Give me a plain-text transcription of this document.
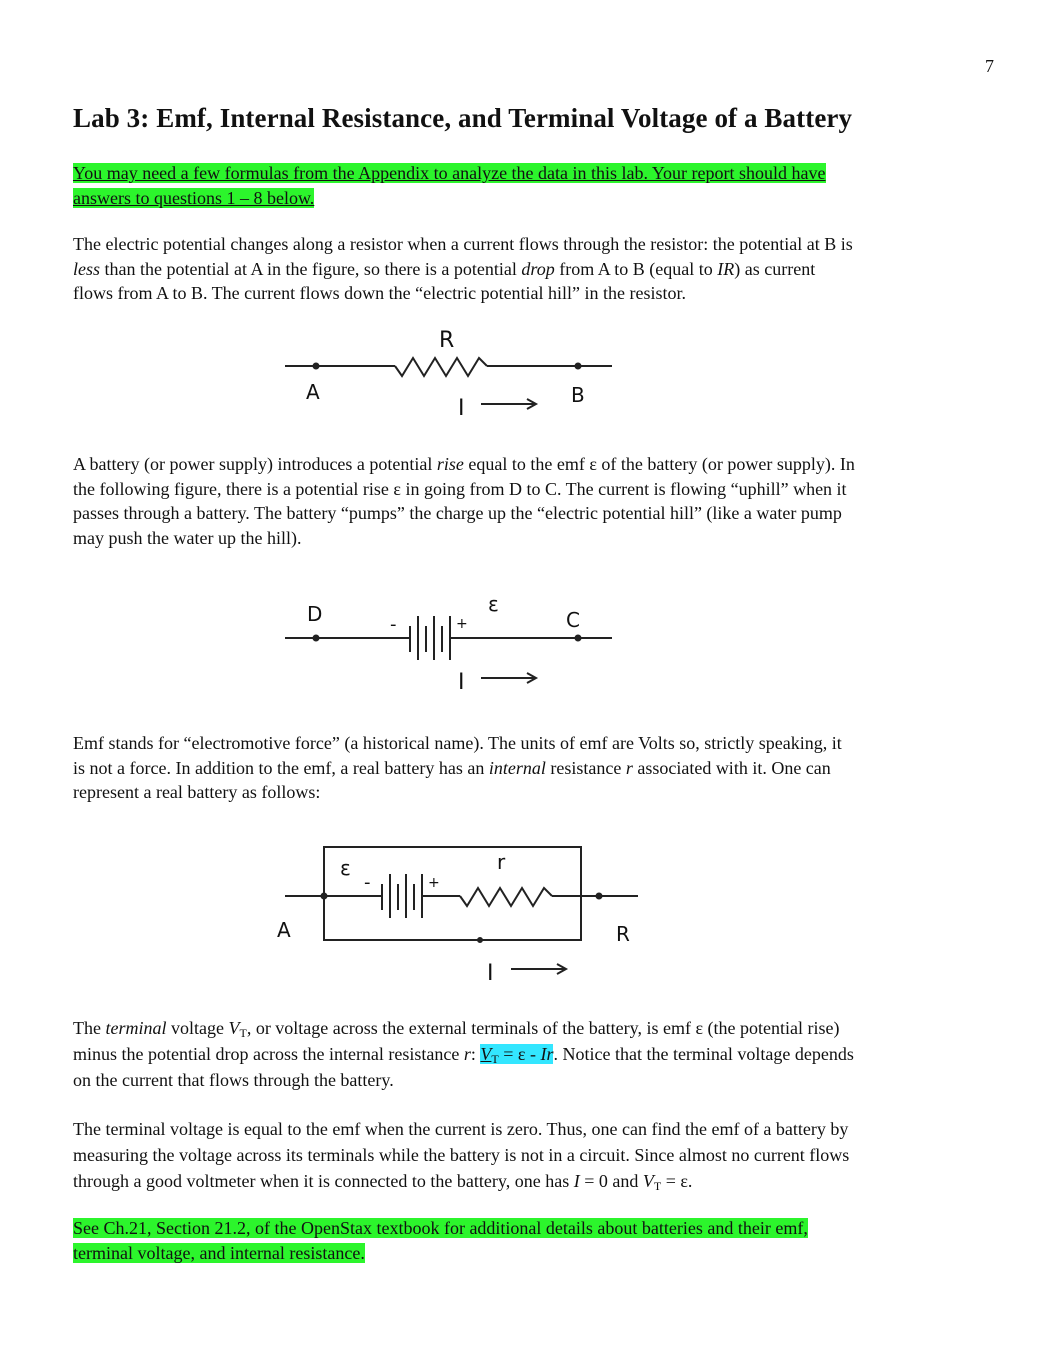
7
Lab 3: Emf, Internal Resistance, and Terminal Voltage of a Battery

You may need a few formulas from the Appendix to analyze the data in this lab. Your report should have
answers to questions 1 – 8 below.

The electric potential changes along a resistor when a current flows through the resistor: the potential at B is
less than the potential at A in the figure, so there is a potential drop from A to B (equal to IR) as current
flows from A to B. The current flows down the “electric potential hill” in the resistor.

R
A	B
I
D	C
ε
-	+
I
ε
-	+
r
A	R
I

A battery (or power supply) introduces a potential rise equal to the emf ε of the battery (or power supply). In
the following figure, there is a potential rise ε in going from D to C. The current is flowing “uphill” when it
passes through a battery. The battery “pumps” the charge up the “electric potential hill” (like a water pump
may push the water up the hill).

Emf stands for “electromotive force” (a historical name). The units of emf are Volts so, strictly speaking, it
is not a force. In addition to the emf, a real battery has an internal resistance r associated with it. One can
represent a real battery as follows:

The terminal voltage $V_T$, or voltage across the external terminals of the battery, is emf ε (the potential rise)
minus the potential drop across the internal resistance r: $V_T = \varepsilon - Ir$. Notice that the terminal voltage depends
on the current that flows through the battery.

The terminal voltage is equal to the emf when the current is zero. Thus, one can find the emf of a battery by
measuring the voltage across its terminals while the battery is not in a circuit. Since almost no current flows
through a good voltmeter when it is connected to the battery, one has I = 0 and $V_T = \varepsilon$.

See Ch.21, Section 21.2, of the OpenStax textbook for additional details about batteries and their emf,
terminal voltage, and internal resistance.
